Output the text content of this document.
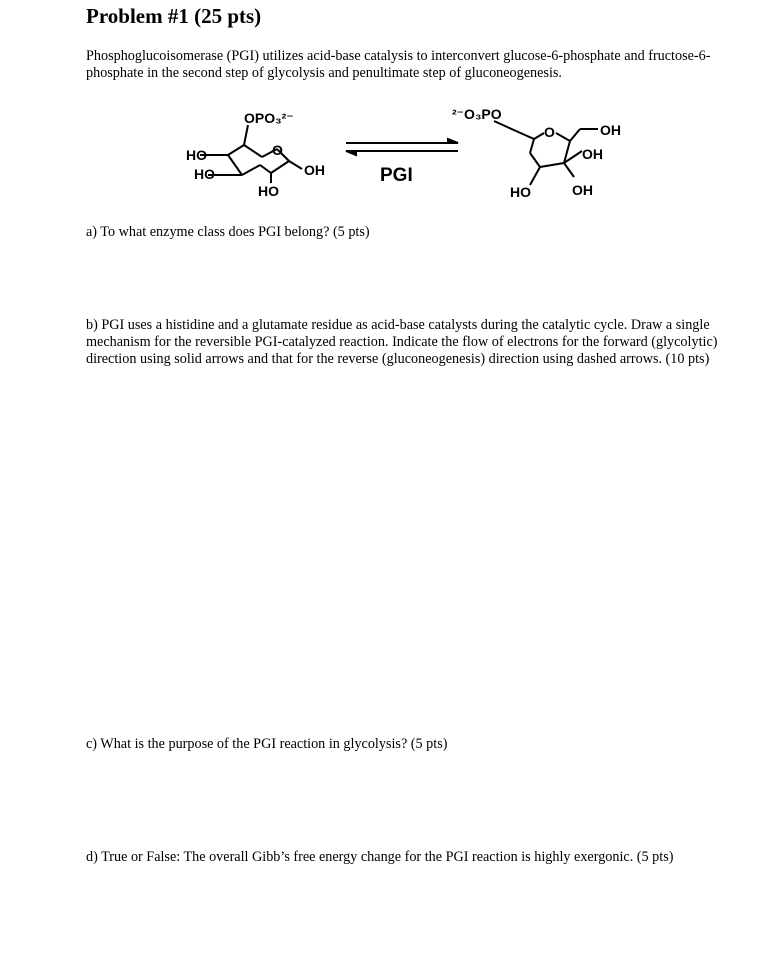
Problem #1 (25 pts)
Phosphoglucoisomerase (PGI) utilizes acid-base catalysis to interconvert glucose-6-phosphate and fructose-6-phosphate in the second step of glycolysis and penultimate step of gluconeogenesis.
OPO₃²⁻
O
HO
HO	OH
HO
PGI
²⁻O₃PO
O	OH
OH
HO	OH
a) To what enzyme class does PGI belong? (5 pts)
b) PGI uses a histidine and a glutamate residue as acid-base catalysts during the catalytic cycle. Draw a single mechanism for the reversible PGI-catalyzed reaction. Indicate the flow of electrons for the forward (glycolytic) direction using solid arrows and that for the reverse (gluconeogenesis) direction using dashed arrows. (10 pts)
c) What is the purpose of the PGI reaction in glycolysis? (5 pts)
d) True or False: The overall Gibb’s free energy change for the PGI reaction is highly exergonic. (5 pts)
